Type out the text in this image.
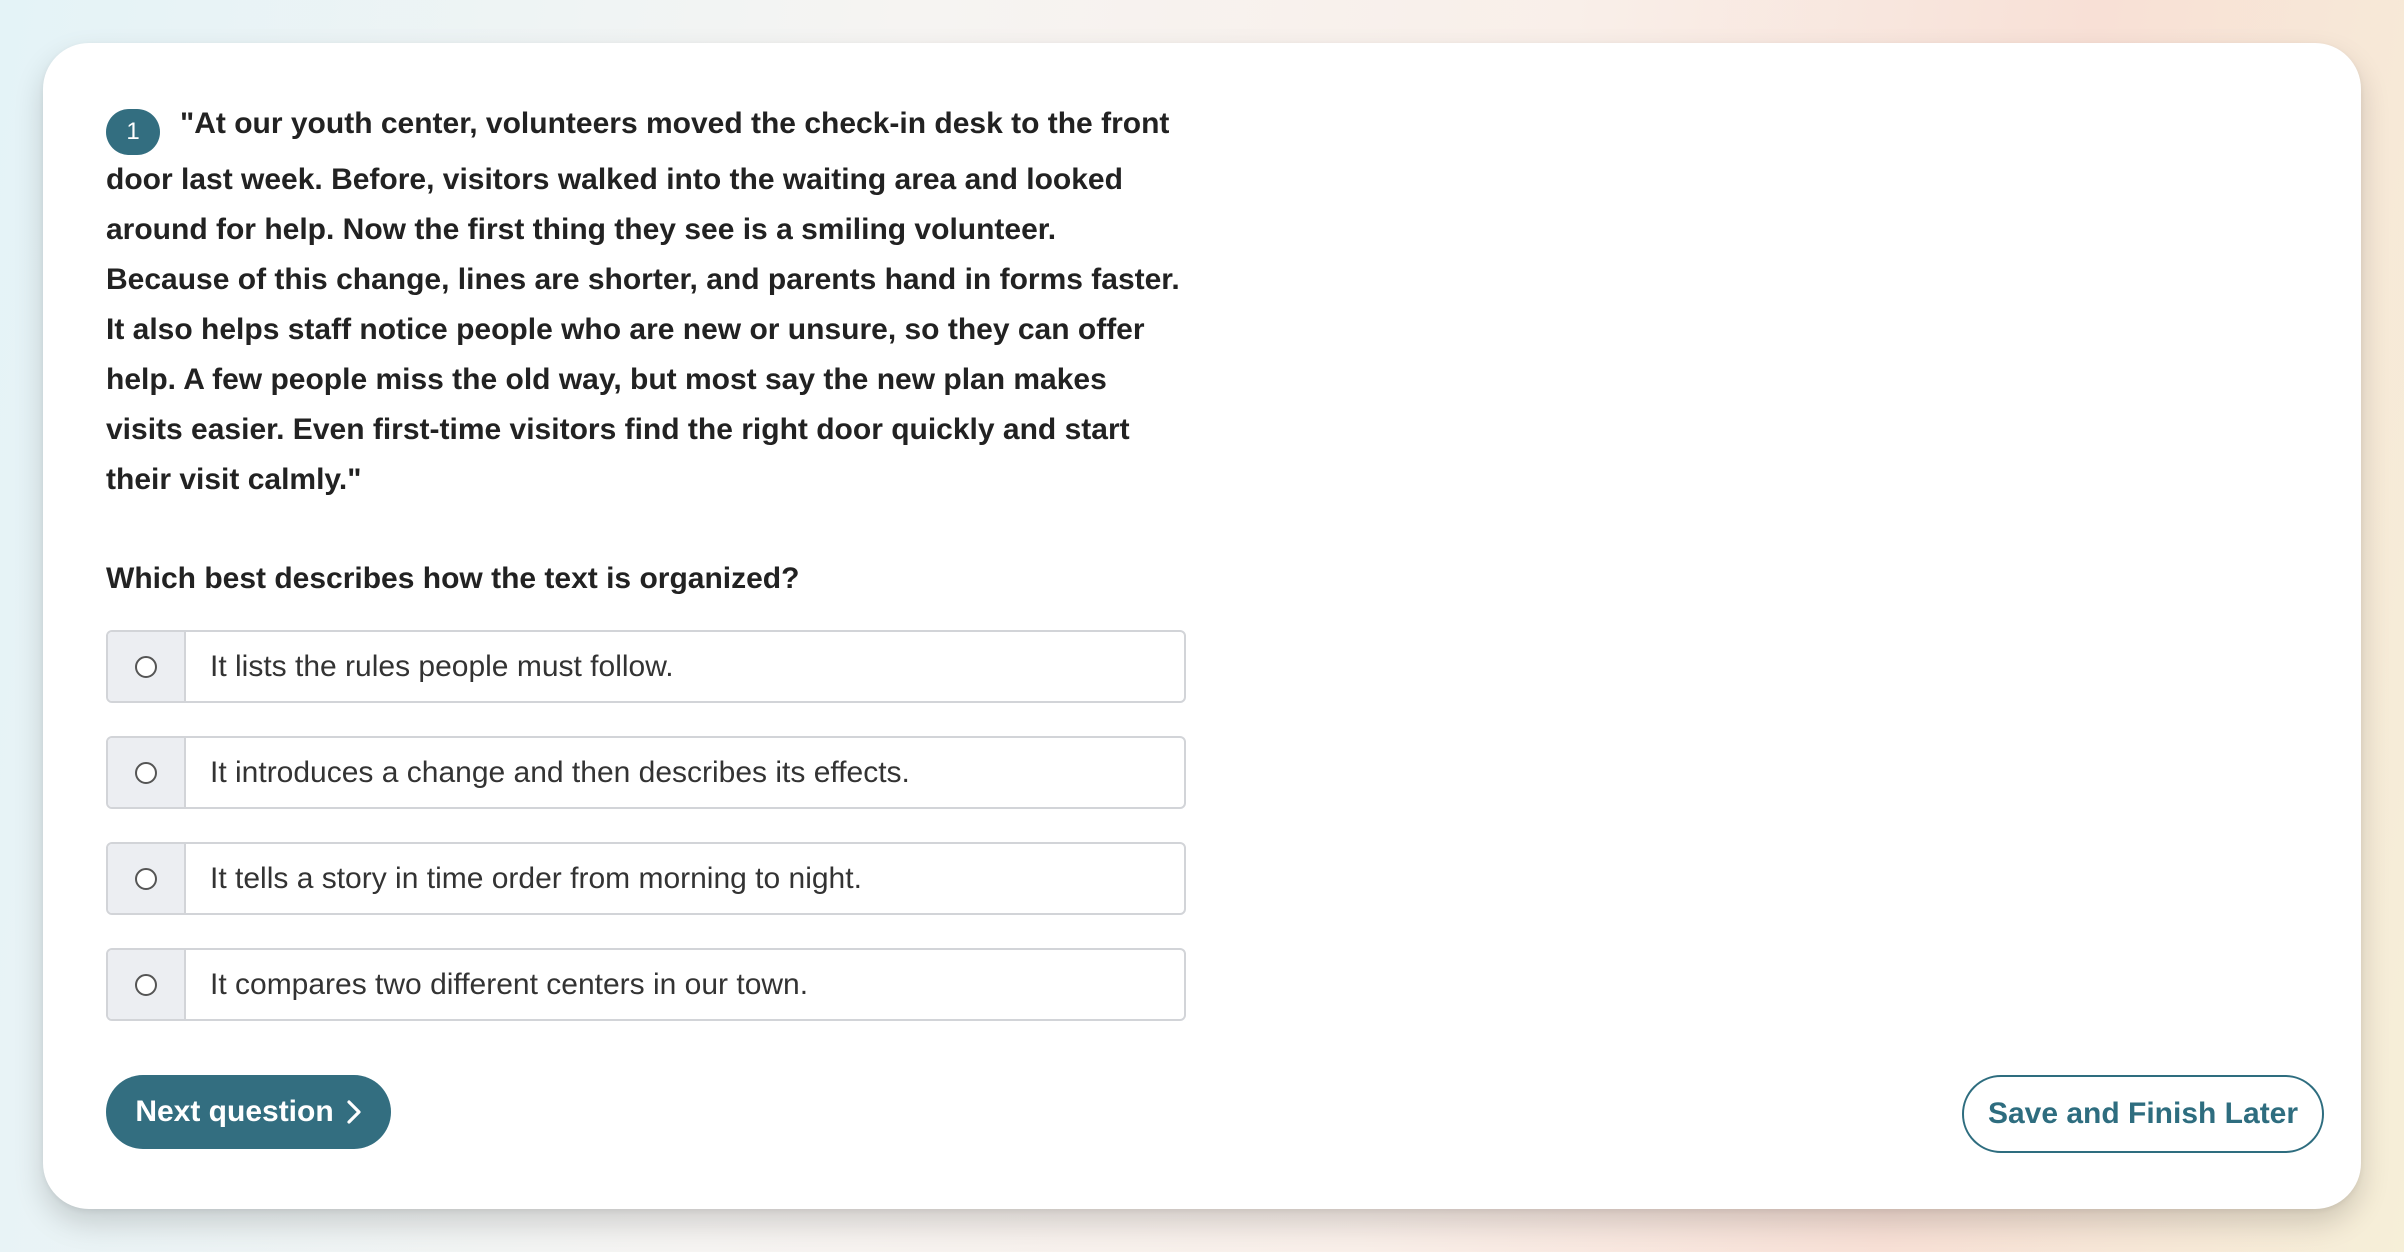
1 "At our youth center, volunteers moved the check-in desk to the front door last week. Before, visitors walked into the waiting area and looked around for help. Now the first thing they see is a smiling volunteer. Because of this change, lines are shorter, and parents hand in forms faster. It also helps staff notice people who are new or unsure, so they can offer help. A few people miss the old way, but most say the new plan makes visits easier. Even first-time visitors find the right door quickly and start their visit calmly."

Which best describes how the text is organized?

It lists the rules people must follow.
It introduces a change and then describes its effects.
It tells a story in time order from morning to night.
It compares two different centers in our town.
Next question	Save and Finish Later
